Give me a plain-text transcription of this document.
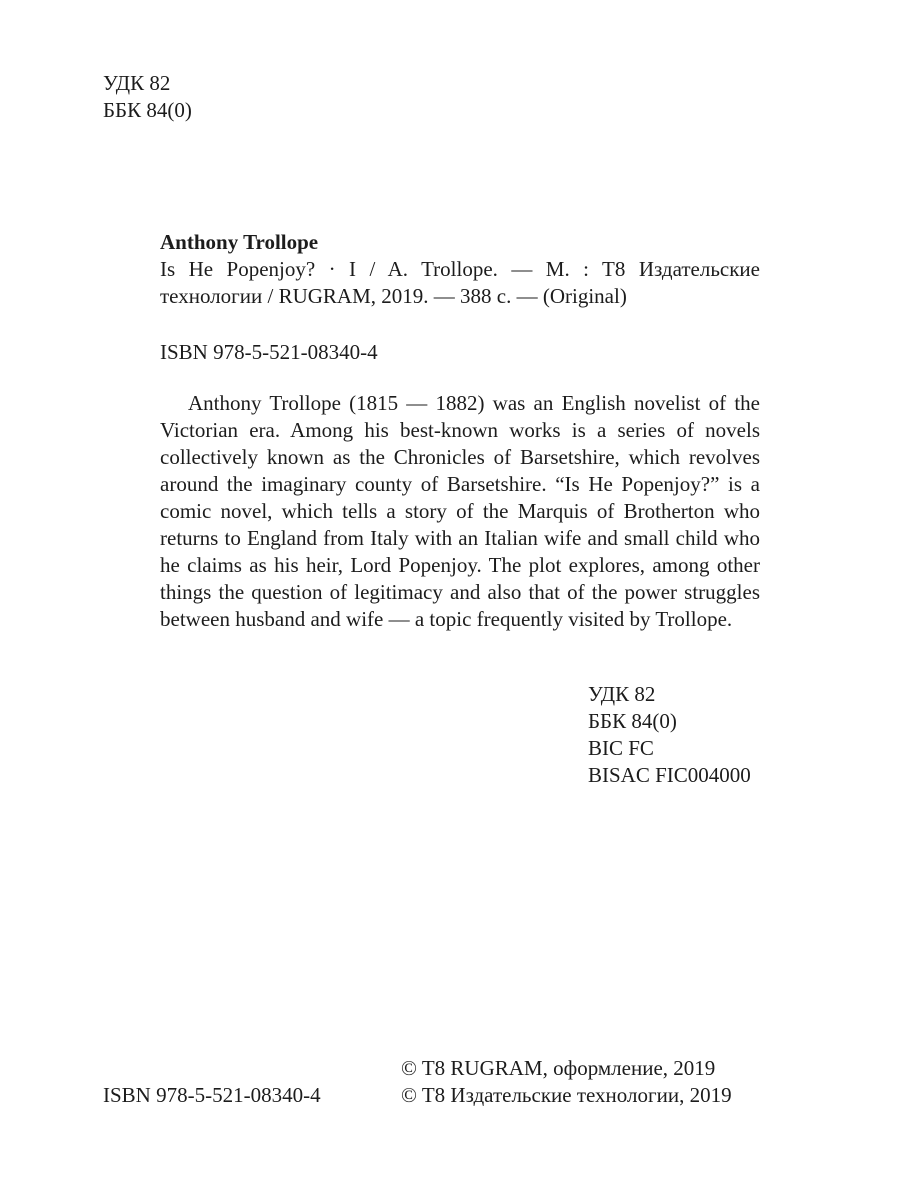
УДК 82
ББК 84(0)
Anthony Trollope
Is He Popenjoy? · I / A. Trollope. — M. : T8 Издательские
технологии / RUGRAM, 2019. — 388 с. — (Original)
ISBN 978-5-521-08340-4
Anthony Trollope (1815 — 1882) was an English novelist of the Victorian era. Among his best-known works is a series of novels collectively known as the Chronicles of Barsetshire, which revolves around the imaginary county of Barsetshire. “Is He Popenjoy?” is a comic novel, which tells a story of the Marquis of Brotherton who returns to England from Italy with an Italian wife and small child who he claims as his heir, Lord Popenjoy. The plot explores, among other things the question of legitimacy and also that of the power struggles between husband and wife — a topic frequently visited by Trollope.
УДК 82
ББК 84(0)
BIC FC
BISAC FIC004000
© T8 RUGRAM, оформление, 2019
© T8 Издательские технологии, 2019
ISBN 978-5-521-08340-4
